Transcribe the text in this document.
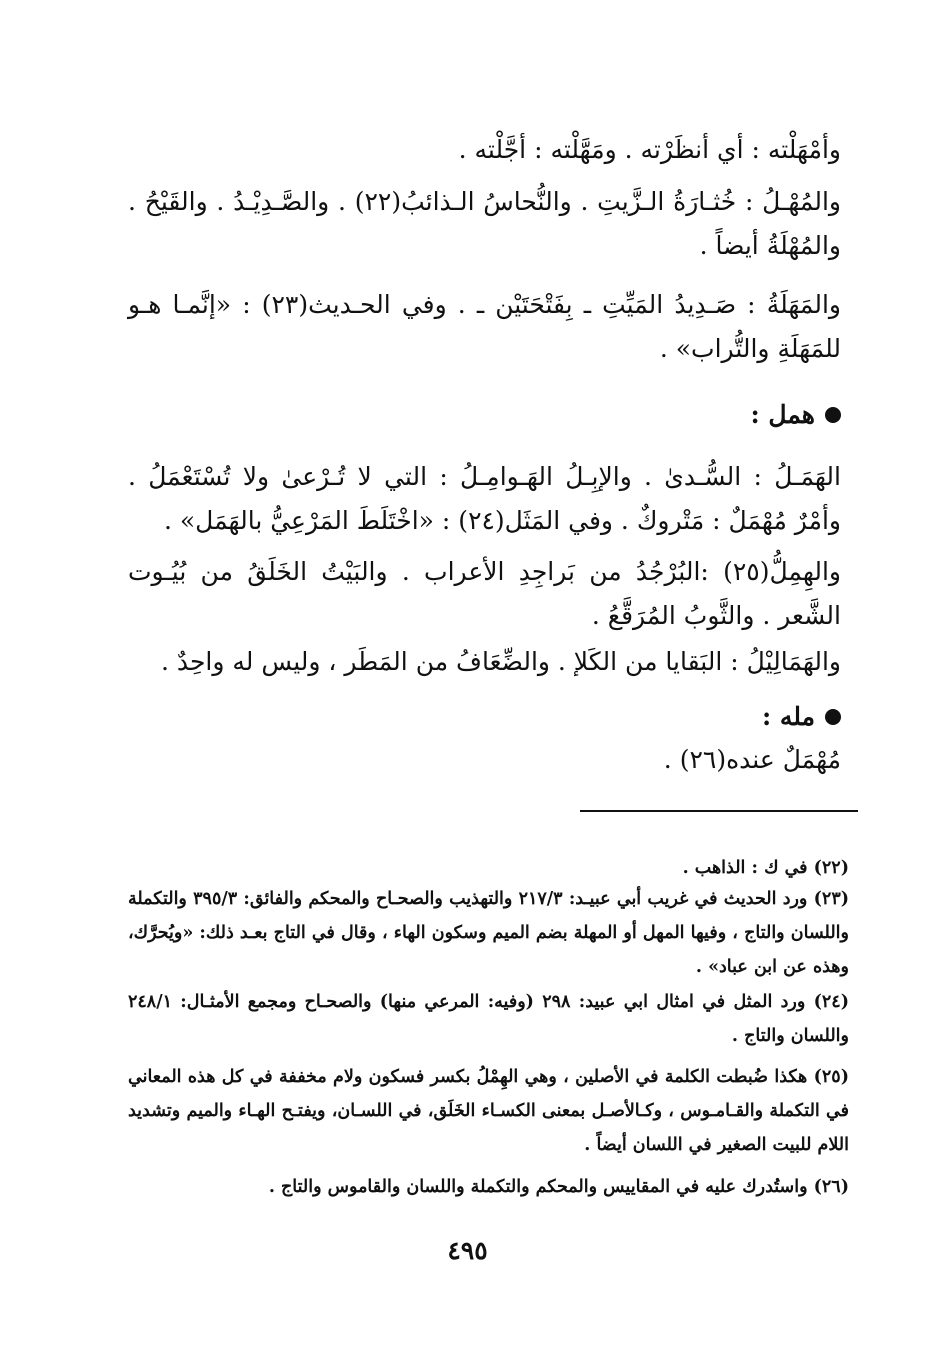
وأمْهَلْته : أي أنظَرْته . ومَهَّلْته : أجَّلْته .
والمُهْـلُ : خُثـارَةُ الـزَّيتِ . والنُّحاسُ الـذائبُ(٢٢) . والصَّـدِيْـدُ . والقَيْحُ . والمُهْلَةُ أيضاً .
والمَهَلَةُ : صَـدِيدُ المَيِّتِ ـ بِفَتْحَتَيْن ـ . وفي الحـديث(٢٣) : «إنَّمـا هـو للمَهَلَةِ والتُّراب» .
همل :
الهَمَـلُ : السُّـدىٰ . والإبِـلُ الهَـوامِـلُ : التي لا تُـرْعىٰ ولا تُسْتَعْمَلُ . وأمْرٌ مُهْمَلٌ : مَتْروكٌ . وفي المَثَل(٢٤) : «اخْتَلَطَ المَرْعِيُّ بالهَمَل» .
والهِمِلُّ(٢٥) :البُرْجُدُ من بَراجِدِ الأعراب . والبَيْتُ الخَلَقُ من بُيُـوت الشَّعر . والثَّوبُ المُرَقَّعُ .
والهَمَالِيْلُ : البَقايا من الكَلإ . والضِّعَافُ من المَطَر ، وليس له واحِدٌ .
مله :
مُهْمَلٌ عنده(٢٦) .
(٢٢) في ك : الذاهب .
(٢٣) ورد الحديث في غريب أبي عبيـد: ٢١٧/٣ والتهذيب والصحـاح والمحكم والفائق: ٣٩٥/٣ والتكملة واللسان والتاج ، وفيها المهل أو المهلة بضم الميم وسكون الهاء ، وقال في التاج بعـد ذلك: «ويُحرَّك، وهذه عن ابن عباد» .
(٢٤) ورد المثل في امثال ابي عبيد: ٢٩٨ (وفيه: المرعي منها) والصحـاح ومجمع الأمثـال: ٢٤٨/١ واللسان والتاج .
(٢٥) هكذا ضُبطت الكلمة في الأصلين ، وهي الهِمْلُ بكسر فسكون ولام مخففة في كل هذه المعاني في التكملة والقـامـوس ، وكـالأصـل بمعنى الكسـاء الخَلَق، في اللسـان، ويفتـح الهـاء والميم وتشديد اللام للبيت الصغير في اللسان أيضاً .
(٢٦) واستُدرك عليه في المقاييس والمحكم والتكملة واللسان والقاموس والتاج .
٤٩٥
